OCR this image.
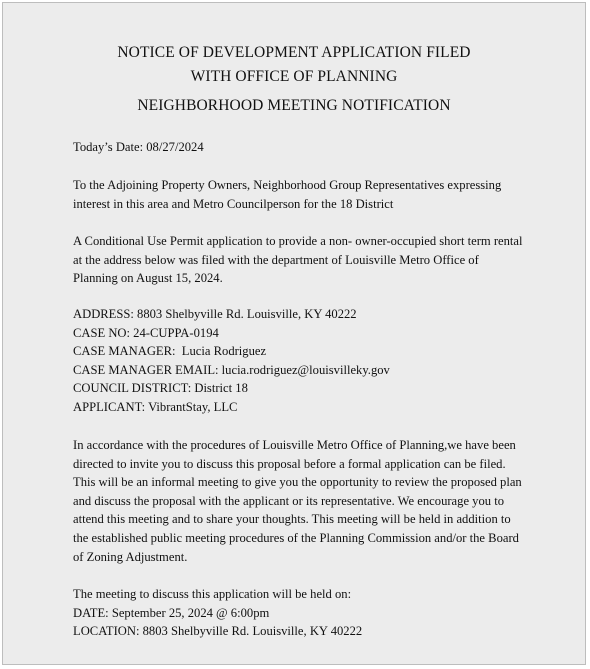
NOTICE OF DEVELOPMENT APPLICATION FILED
WITH OFFICE OF PLANNING
NEIGHBORHOOD MEETING NOTIFICATION
Today’s Date: 08/27/2024
To the Adjoining Property Owners, Neighborhood Group Representatives expressing
interest in this area and Metro Councilperson for the 18 District
A Conditional Use Permit application to provide a non- owner-occupied short term rental
at the address below was filed with the department of Louisville Metro Office of
Planning on August 15, 2024.
ADDRESS: 8803 Shelbyville Rd. Louisville, KY 40222
CASE NO: 24-CUPPA-0194
CASE MANAGER:  Lucia Rodriguez
CASE MANAGER EMAIL: lucia.rodriguez@louisvilleky.gov
COUNCIL DISTRICT: District 18
APPLICANT: VibrantStay, LLC
In accordance with the procedures of Louisville Metro Office of Planning,we have been
directed to invite you to discuss this proposal before a formal application can be filed.
This will be an informal meeting to give you the opportunity to review the proposed plan
and discuss the proposal with the applicant or its representative. We encourage you to
attend this meeting and to share your thoughts. This meeting will be held in addition to
the established public meeting procedures of the Planning Commission and/or the Board
of Zoning Adjustment.
The meeting to discuss this application will be held on:
DATE: September 25, 2024 @ 6:00pm
LOCATION: 8803 Shelbyville Rd. Louisville, KY 40222
